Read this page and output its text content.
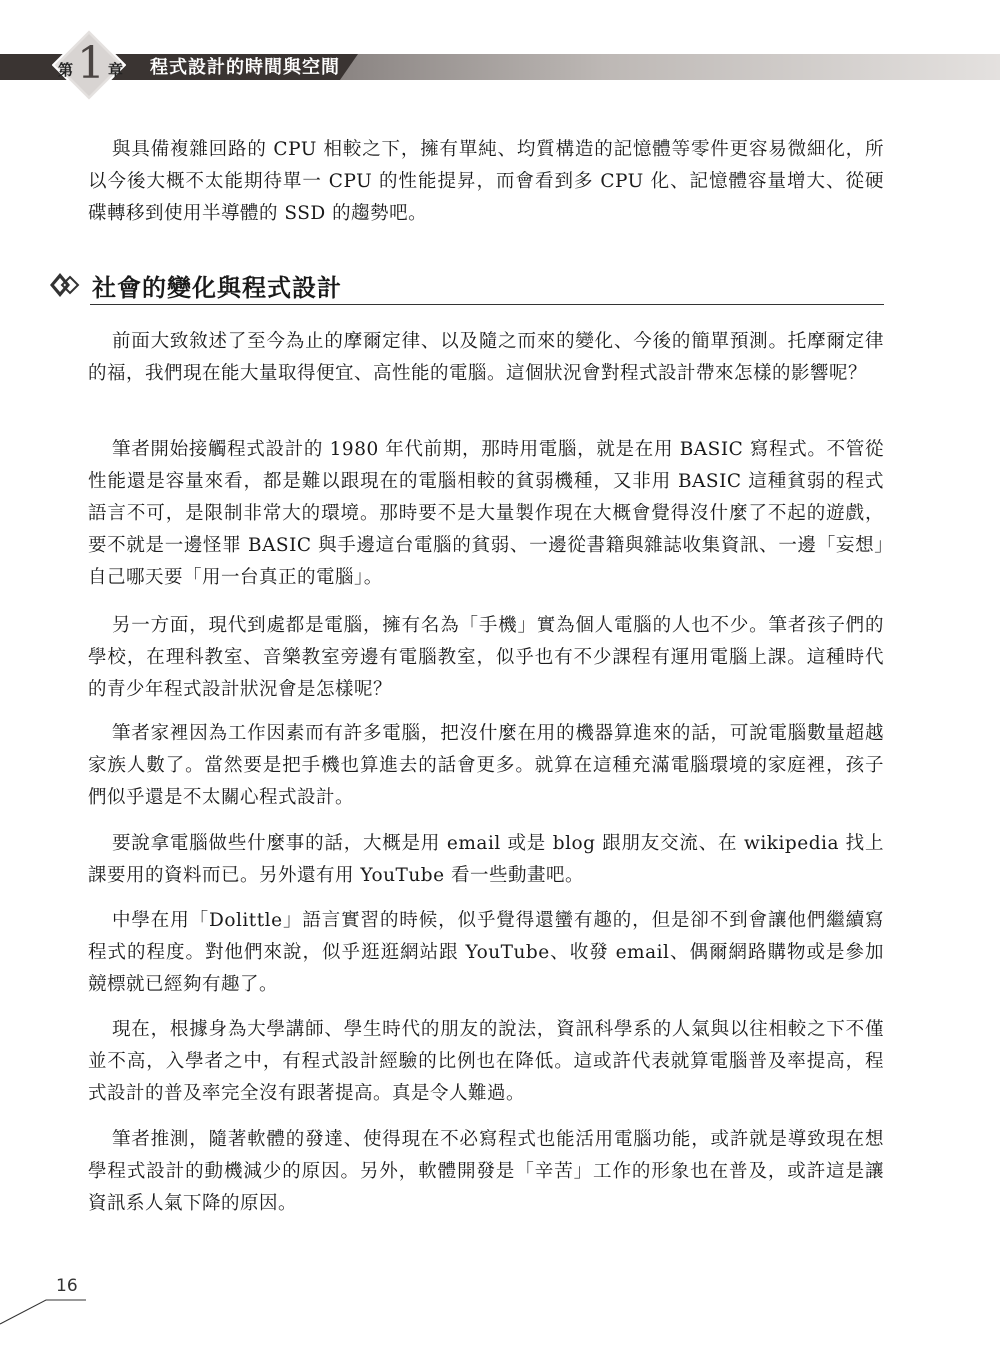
程式設計的時間與空間
第 1 章

與具備複雜回路的 CPU 相較之下，擁有單純、均質構造的記憶體等零件更容易微細化，所以今後大概不太能期待單一 CPU 的性能提昇，而會看到多 CPU 化、記憶體容量增大、從硬碟轉移到使用半導體的 SSD 的趨勢吧。

社會的變化與程式設計

前面大致敘述了至今為止的摩爾定律、以及隨之而來的變化、今後的簡單預測。托摩爾定律的福，我們現在能大量取得便宜、高性能的電腦。這個狀況會對程式設計帶來怎樣的影響呢？

筆者開始接觸程式設計的 1980 年代前期，那時用電腦，就是在用 BASIC 寫程式。不管從性能還是容量來看，都是難以跟現在的電腦相較的貧弱機種，又非用 BASIC 這種貧弱的程式語言不可，是限制非常大的環境。那時要不是大量製作現在大概會覺得沒什麼了不起的遊戲，要不就是一邊怪罪 BASIC 與手邊這台電腦的貧弱、一邊從書籍與雜誌收集資訊、一邊「妄想」自己哪天要「用一台真正的電腦」。

另一方面，現代到處都是電腦，擁有名為「手機」實為個人電腦的人也不少。筆者孩子們的學校，在理科教室、音樂教室旁邊有電腦教室，似乎也有不少課程有運用電腦上課。這種時代的青少年程式設計狀況會是怎樣呢？

筆者家裡因為工作因素而有許多電腦，把沒什麼在用的機器算進來的話，可說電腦數量超越家族人數了。當然要是把手機也算進去的話會更多。就算在這種充滿電腦環境的家庭裡，孩子們似乎還是不太關心程式設計。

要說拿電腦做些什麼事的話，大概是用 email 或是 blog 跟朋友交流、在 wikipedia 找上課要用的資料而已。另外還有用 YouTube 看一些動畫吧。

中學在用「Dolittle」語言實習的時候，似乎覺得還蠻有趣的，但是卻不到會讓他們繼續寫程式的程度。對他們來說，似乎逛逛網站跟 YouTube、收發 email、偶爾網路購物或是參加競標就已經夠有趣了。

現在，根據身為大學講師、學生時代的朋友的說法，資訊科學系的人氣與以往相較之下不僅並不高，入學者之中，有程式設計經驗的比例也在降低。這或許代表就算電腦普及率提高，程式設計的普及率完全沒有跟著提高。真是令人難過。

筆者推測，隨著軟體的發達、使得現在不必寫程式也能活用電腦功能，或許就是導致現在想學程式設計的動機減少的原因。另外，軟體開發是「辛苦」工作的形象也在普及，或許這是讓資訊系人氣下降的原因。

16
